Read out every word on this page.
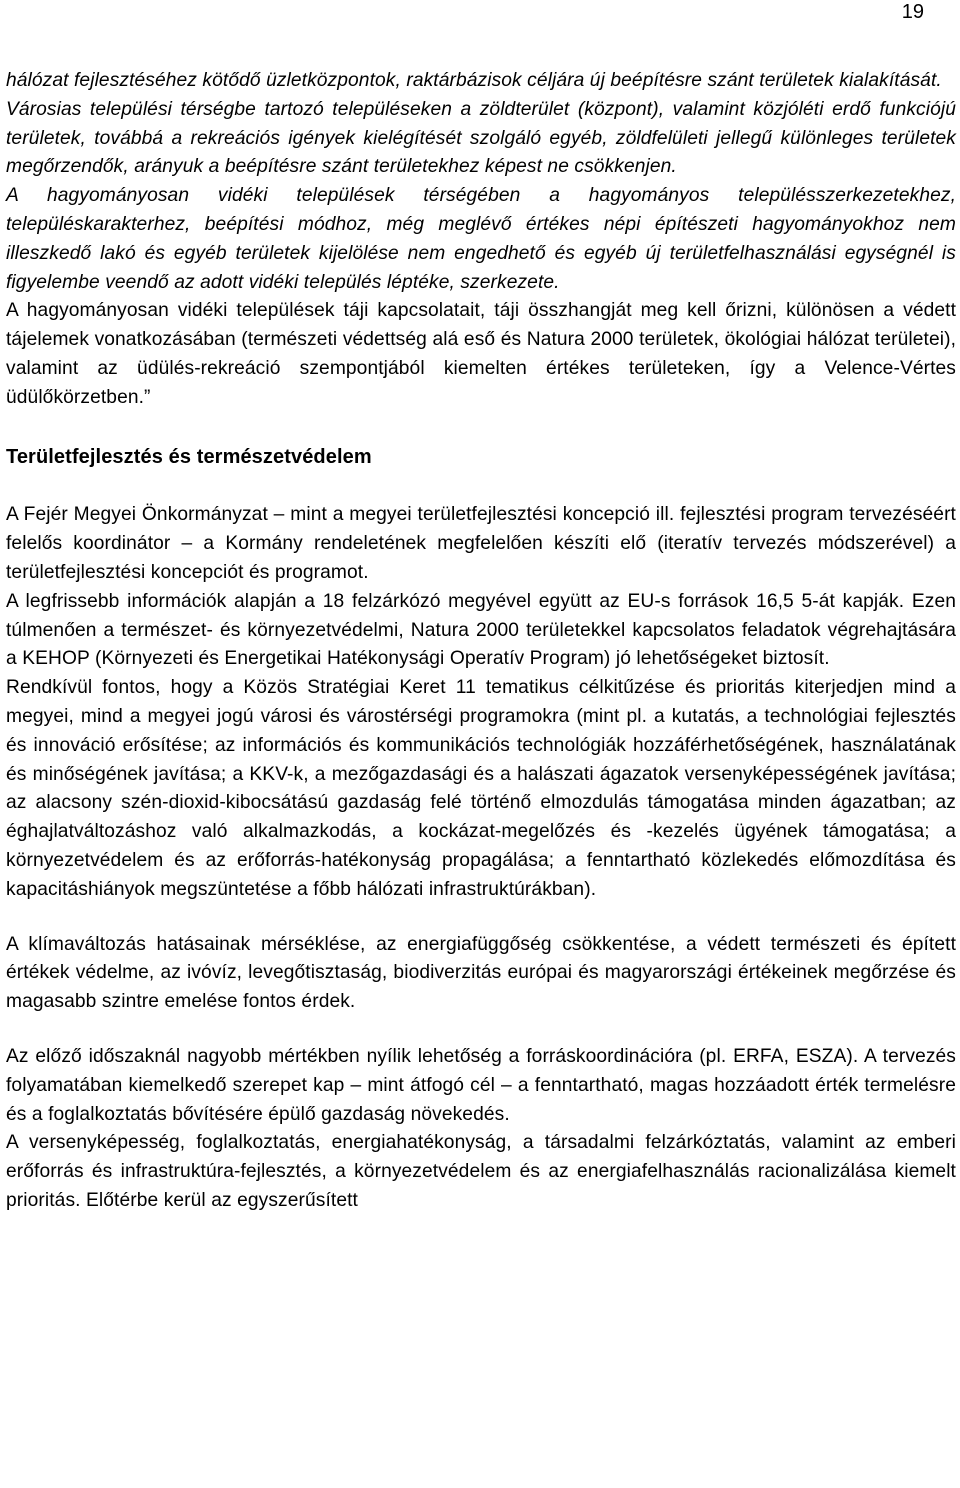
19

hálózat fejlesztéséhez kötődő üzletközpontok, raktárbázisok céljára új beépítésre szánt területek kialakítását.

Városias települési térségbe tartozó településeken a zöldterület (központ), valamint közjóléti erdő funkciójú területek, továbbá a rekreációs igények kielégítését szolgáló egyéb, zöldfelületi jellegű különleges területek megőrzendők, arányuk a beépítésre szánt területekhez képest ne csökkenjen.

A hagyományosan vidéki települések térségében a hagyományos településszerkezetekhez, településkarakterhez, beépítési módhoz, még meglévő értékes népi építészeti hagyományokhoz nem illeszkedő lakó és egyéb területek kijelölése nem engedhető és egyéb új területfelhasználási egységnél is figyelembe veendő az adott vidéki település léptéke, szerkezete.

A hagyományosan vidéki települések táji kapcsolatait, táji összhangját meg kell őrizni, különösen a védett tájelemek vonatkozásában (természeti védettség alá eső és Natura 2000 területek, ökológiai hálózat területei), valamint az üdülés-rekreáció szempontjából kiemelten értékes területeken, így a Velence-Vértes üdülőkörzetben.”

Területfejlesztés és természetvédelem

A Fejér Megyei Önkormányzat – mint a megyei területfejlesztési koncepció ill. fejlesztési program tervezéséért felelős koordinátor – a Kormány rendeletének megfelelően készíti elő (iteratív tervezés módszerével) a területfejlesztési koncepciót és programot.

A legfrissebb információk alapján a 18 felzárkózó megyével együtt az EU-s források 16,5 5-át kapják. Ezen túlmenően a természet- és környezetvédelmi, Natura 2000 területekkel kapcsolatos feladatok végrehajtására a KEHOP (Környezeti és Energetikai Hatékonysági Operatív Program) jó lehetőségeket biztosít.

Rendkívül fontos, hogy a Közös Stratégiai Keret 11 tematikus célkitűzése és prioritás kiterjedjen mind a megyei, mind a megyei jogú városi és várostérségi programokra (mint pl. a kutatás, a technológiai fejlesztés és innováció erősítése; az információs és kommunikációs technológiák hozzáférhetőségének, használatának és minőségének javítása; a KKV-k, a mezőgazdasági és a halászati ágazatok versenyképességének javítása; az alacsony szén-dioxid-kibocsátású gazdaság felé történő elmozdulás támogatása minden ágazatban; az éghajlatváltozáshoz való alkalmazkodás, a kockázat-megelőzés és -kezelés ügyének támogatása; a környezetvédelem és az erőforrás-hatékonyság propagálása; a fenntartható közlekedés előmozdítása és kapacitáshiányok megszüntetése a főbb hálózati infrastruktúrákban).

A klímaváltozás hatásainak mérséklése, az energiafüggőség csökkentése, a védett természeti és épített értékek védelme, az ivóvíz, levegőtisztaság, biodiverzitás európai és magyarországi értékeinek megőrzése és magasabb szintre emelése fontos érdek.

Az előző időszaknál nagyobb mértékben nyílik lehetőség a forráskoordinációra (pl. ERFA, ESZA). A tervezés folyamatában kiemelkedő szerepet kap – mint átfogó cél – a fenntartható, magas hozzáadott érték termelésre és a foglalkoztatás bővítésére épülő gazdaság növekedés.

A versenyképesség, foglalkoztatás, energiahatékonyság, a társadalmi felzárkóztatás, valamint az emberi erőforrás és infrastruktúra-fejlesztés, a környezetvédelem és az energiafelhasználás racionalizálása kiemelt prioritás. Előtérbe kerül az egyszerűsített
